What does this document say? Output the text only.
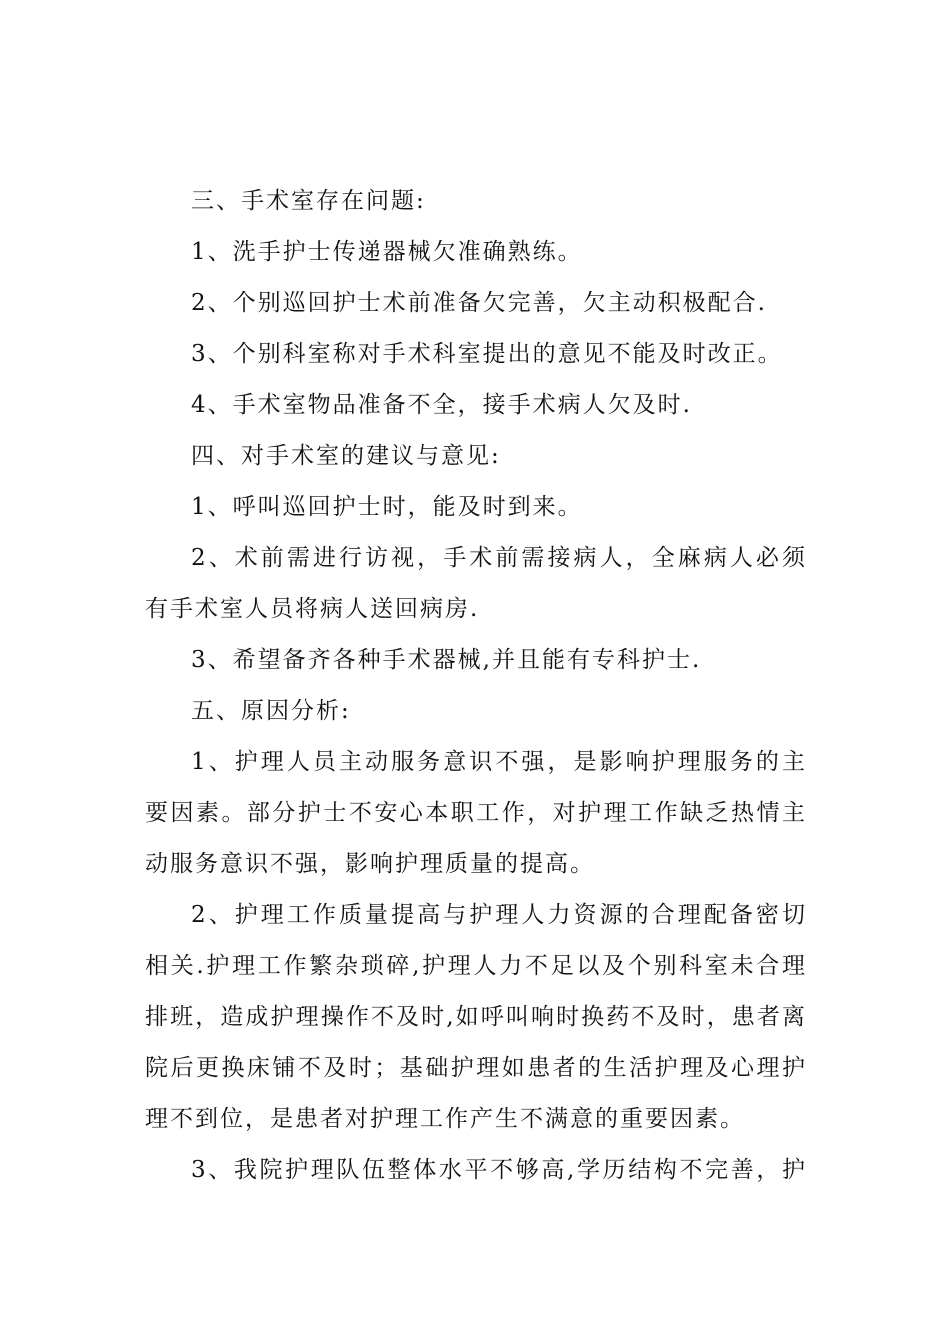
三、手术室存在问题:

1、洗手护士传递器械欠准确熟练。

2、个别巡回护士术前准备欠完善，欠主动积极配合.

3、个别科室称对手术科室提出的意见不能及时改正。

4、手术室物品准备不全，接手术病人欠及时.

四、对手术室的建议与意见:

1、呼叫巡回护士时，能及时到来。

2、术前需进行访视，手术前需接病人，全麻病人必须有手术室人员将病人送回病房.

3、希望备齐各种手术器械,并且能有专科护士.

五、原因分析:

1、护理人员主动服务意识不强，是影响护理服务的主要因素。部分护士不安心本职工作，对护理工作缺乏热情主动服务意识不强，影响护理质量的提高。

2、护理工作质量提高与护理人力资源的合理配备密切相关.护理工作繁杂琐碎,护理人力不足以及个别科室未合理排班，造成护理操作不及时,如呼叫响时换药不及时，患者离院后更换床铺不及时；基础护理如患者的生活护理及心理护理不到位，是患者对护理工作产生不满意的重要因素。

3、我院护理队伍整体水平不够高,学历结构不完善，护
